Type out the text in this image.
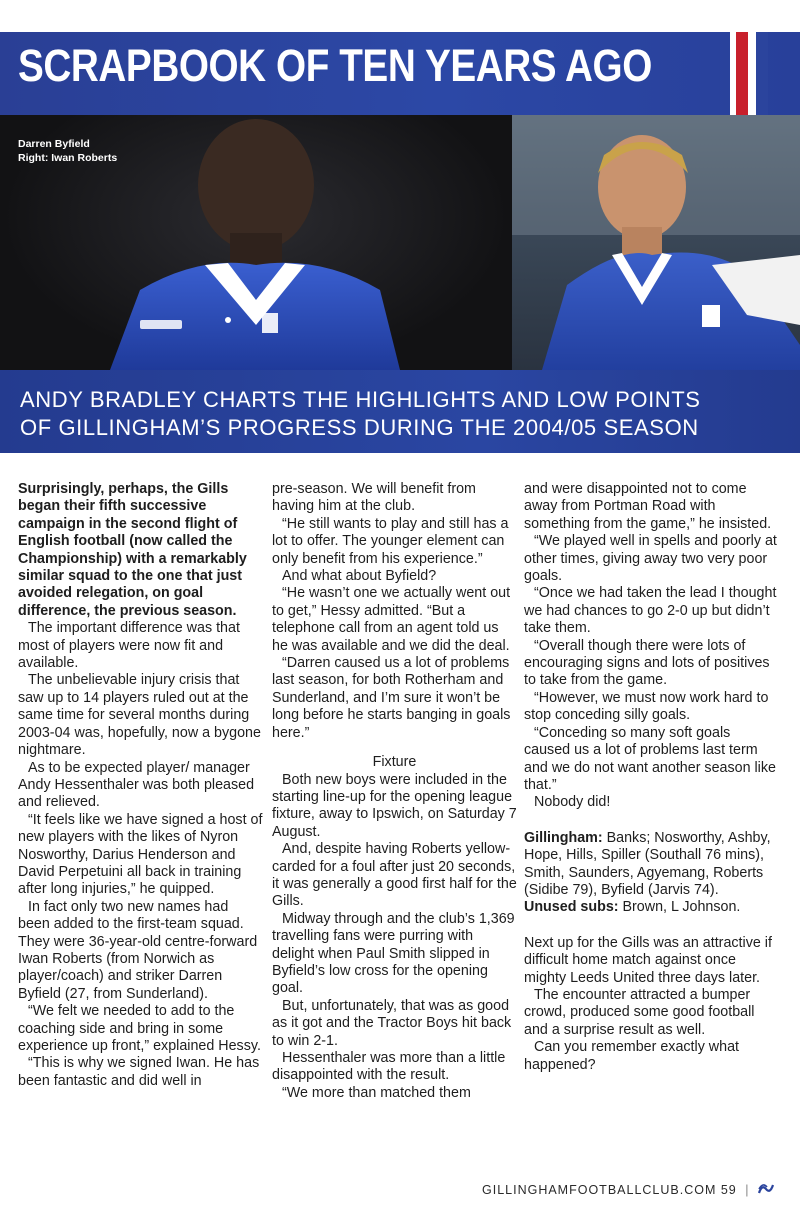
SCRAPBOOK OF TEN YEARS AGO
Darren Byfield
Right: Iwan Roberts

ANDY BRADLEY CHARTS THE HIGHLIGHTS AND LOW POINTS
OF GILLINGHAM’S PROGRESS DURING THE 2004/05 SEASON

Surprisingly, perhaps, the Gills began their fifth successive campaign in the second flight of English football (now called the Championship) with a remarkably similar squad to the one that just avoided relegation, on goal difference, the previous season.

The important difference was that most of players were now fit and available.

The unbelievable injury crisis that saw up to 14 players ruled out at the same time for several months during 2003-04 was, hopefully, now a bygone nightmare.

As to be expected player/ manager Andy Hessenthaler was both pleased and relieved.

“It feels like we have signed a host of new players with the likes of Nyron Nosworthy, Darius Henderson and David Perpetuini all back in training after long injuries,” he quipped.

In fact only two new names had been added to the first-team squad. They were 36-year-old centre-forward Iwan Roberts (from Norwich as player/coach) and striker Darren Byfield (27, from Sunderland).

“We felt we needed to add to the coaching side and bring in some experience up front,” explained Hessy.

“This is why we signed Iwan. He has been fantastic and did well in

pre-season. We will benefit from having him at the club.

“He still wants to play and still has a lot to offer. The younger element can only benefit from his experience.”

And what about Byfield?

“He wasn’t one we actually went out to get,” Hessy admitted. “But a telephone call from an agent told us he was available and we did the deal.

“Darren caused us a lot of problems last season, for both Rotherham and Sunderland, and I’m sure it won’t be long before he starts banging in goals here.”

Fixture

Both new boys were included in the starting line-up for the opening league fixture, away to Ipswich, on Saturday 7 August.

And, despite having Roberts yellow-carded for a foul after just 20 seconds, it was generally a good first half for the Gills.

Midway through and the club’s 1,369 travelling fans were purring with delight when Paul Smith slipped in Byfield’s low cross for the opening goal.

But, unfortunately, that was as good as it got and the Tractor Boys hit back to win 2-1.

Hessenthaler was more than a little disappointed with the result.

“We more than matched them

and were disappointed not to come away from Portman Road with something from the game,” he insisted.

“We played well in spells and poorly at other times, giving away two very poor goals.

“Once we had taken the lead I thought we had chances to go 2-0 up but didn’t take them.

“Overall though there were lots of encouraging signs and lots of positives to take from the game.

“However, we must now work hard to stop conceding silly goals.

“Conceding so many soft goals caused us a lot of problems last term and we do not want another season like that.”

Nobody did!

Gillingham: Banks; Nosworthy, Ashby, Hope, Hills, Spiller (Southall 76 mins), Smith, Saunders, Agyemang, Roberts (Sidibe 79), Byfield (Jarvis 74).
Unused subs: Brown, L Johnson.

Next up for the Gills was an attractive if difficult home match against once mighty Leeds United three days later.

The encounter attracted a bumper crowd, produced some good football and a surprise result as well.

Can you remember exactly what happened?

GILLINGHAMFOOTBALLCLUB.COM 59 |
